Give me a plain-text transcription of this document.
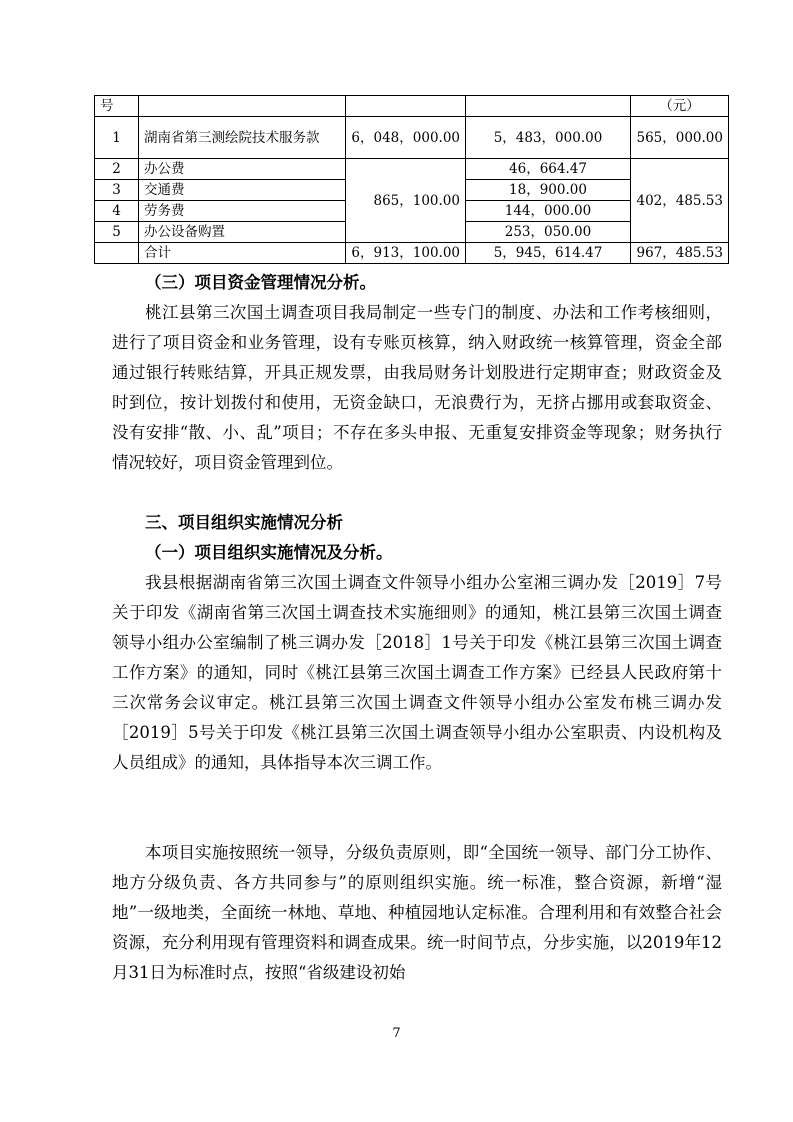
号				（元）
1	湖南省第三测绘院技术服务款	6，048，000.00	5，483，000.00	565，000.00
2	办公费	865，100.00	46，664.47	402，485.53
3	交通费		18，900.00	
4	劳务费		144，000.00	
5	办公设备购置		253，050.00	
	合计	6，913，100.00	5，945，614.47	967，485.53
（三）项目资金管理情况分析。
桃江县第三次国土调查项目我局制定一些专门的制度、办法和工作考核细则，进行了项目资金和业务管理，设有专账页核算，纳入财政统一核算管理，资金全部通过银行转账结算，开具正规发票，由我局财务计划股进行定期审查；财政资金及时到位，按计划拨付和使用，无资金缺口，无浪费行为，无挤占挪用或套取资金、没有安排“散、小、乱”项目；不存在多头申报、无重复安排资金等现象；财务执行情况较好，项目资金管理到位。
三、项目组织实施情况分析
（一）项目组织实施情况及分析。
我县根据湖南省第三次国土调查文件领导小组办公室湘三调办发［2019］7号关于印发《湖南省第三次国土调查技术实施细则》的通知，桃江县第三次国土调查领导小组办公室编制了桃三调办发［2018］1号关于印发《桃江县第三次国土调查工作方案》的通知，同时《桃江县第三次国土调查工作方案》已经县人民政府第十三次常务会议审定。桃江县第三次国土调查文件领导小组办公室发布桃三调办发［2019］5号关于印发《桃江县第三次国土调查领导小组办公室职责、内设机构及人员组成》的通知，具体指导本次三调工作。
本项目实施按照统一领导，分级负责原则，即“全国统一领导、部门分工协作、地方分级负责、各方共同参与”的原则组织实施。统一标准，整合资源，新增“湿地”一级地类，全面统一林地、草地、种植园地认定标准。合理利用和有效整合社会资源，充分利用现有管理资料和调查成果。统一时间节点，分步实施，以2019年12月31日为标准时点，按照“省级建设初始
7
